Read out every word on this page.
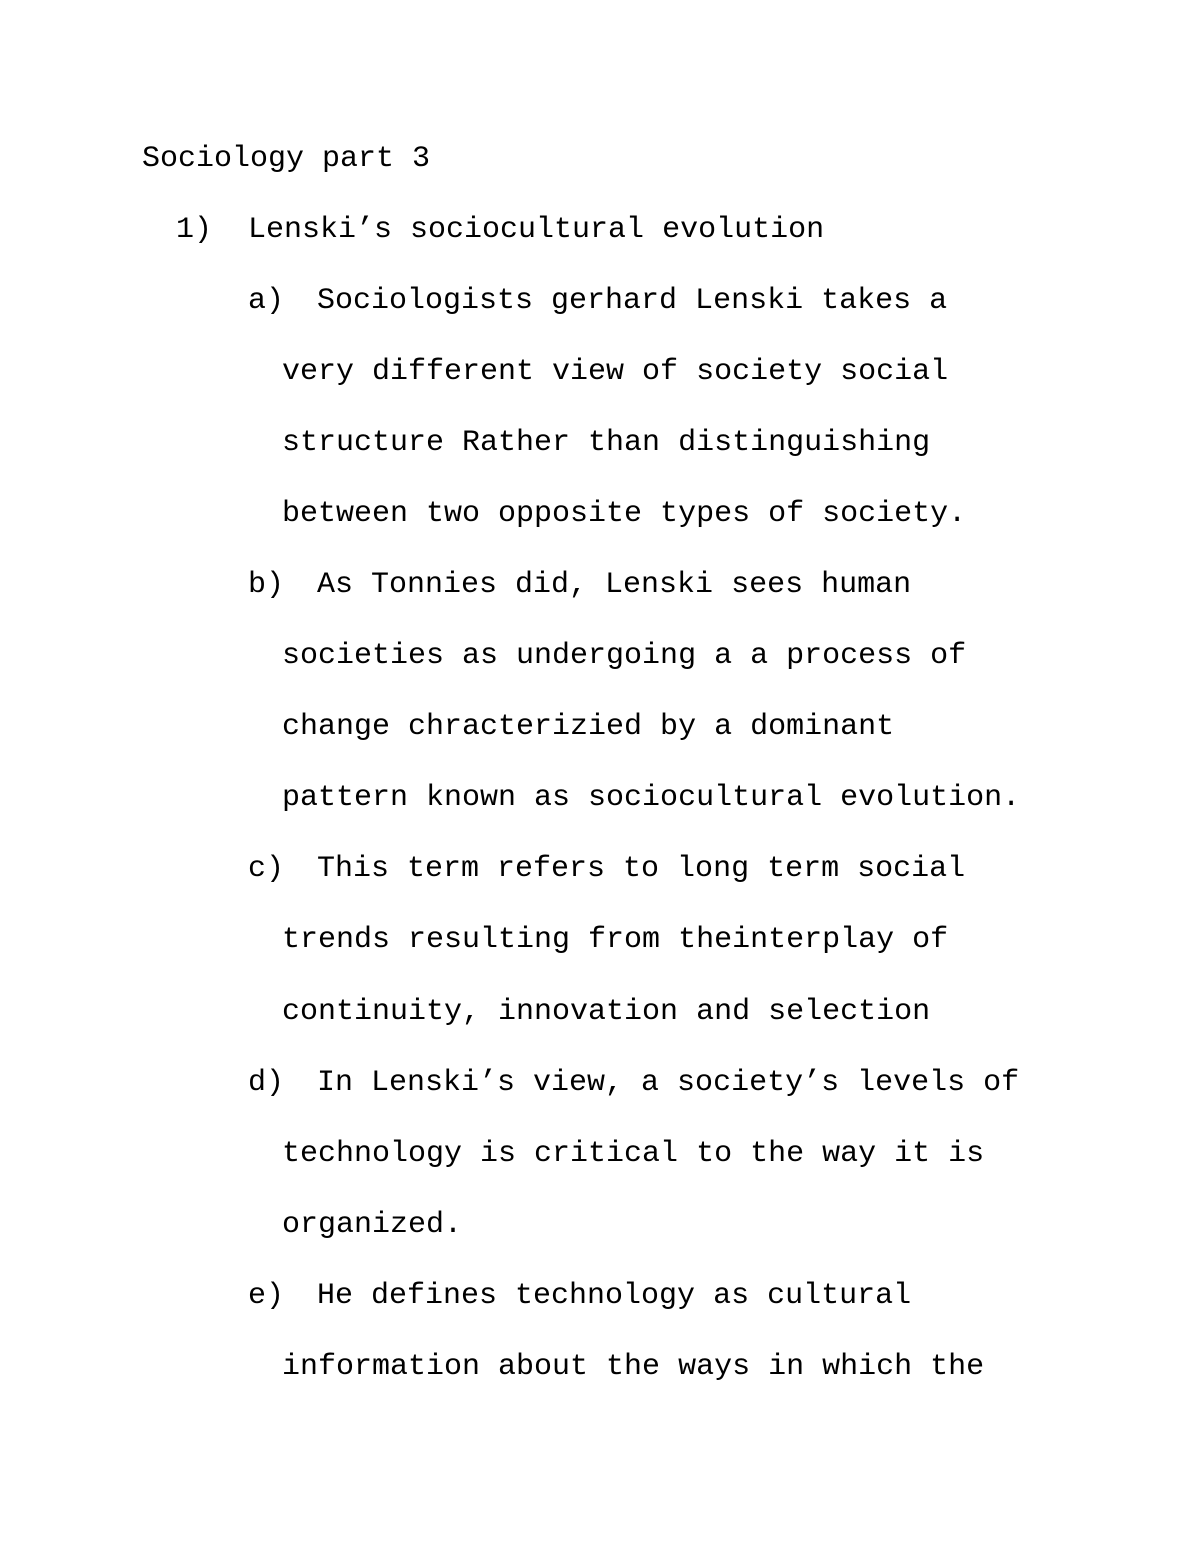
Sociology part 3
1) Lenski’s sociocultural evolution
a) Sociologists gerhard Lenski takes a
very different view of society social
structure Rather than distinguishing
between two opposite types of society.
b) As Tonnies did, Lenski sees human
societies as undergoing a a process of
change chracterizied by a dominant
pattern known as sociocultural evolution.
c) This term refers to long term social
trends resulting from theinterplay of
continuity, innovation and selection
d) In Lenski’s view, a society’s levels of
technology is critical to the way it is
organized.
e) He defines technology as cultural
information about the ways in which the
